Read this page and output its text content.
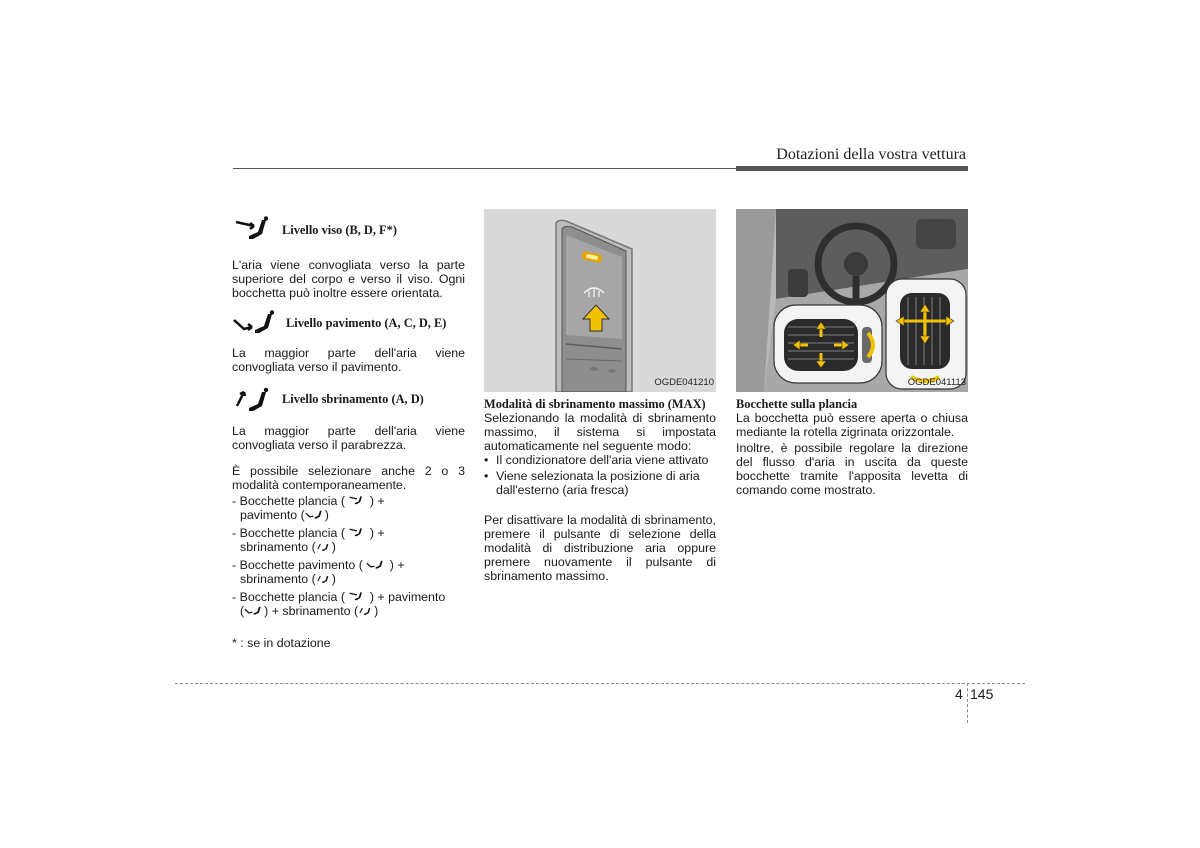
Dotazioni della vostra vettura
Livello viso (B, D, F*)

L'aria viene convogliata verso la parte superiore del corpo e verso il viso. Ogni bocchetta può inoltre essere orientata.

Livello pavimento (A, C, D, E)

La maggior parte dell'aria viene convogliata verso il pavimento.

Livello sbrinamento (A, D)

La maggior parte dell'aria viene convogliata verso il parabrezza.

È possibile selezionare anche 2 o 3 modalità contemporaneamente.

- Bocchette plancia ( ) +
pavimento ( )
- Bocchette plancia ( ) +
sbrinamento ( )
- Bocchette pavimento ( ) +
sbrinamento ( )
- Bocchette plancia ( ) + pavimento
( ) + sbrinamento ( )

* : se in dotazione

OGDE041210

Modalità di sbrinamento massimo (MAX)

Selezionando la modalità di sbrinamento massimo, il sistema si impostata automaticamente nel seguente modo:

• Il condizionatore dell'aria viene attivato
• Viene selezionata la posizione di aria dall'esterno (aria fresca)

Per disattivare la modalità di sbrinamento, premere il pulsante di selezione della modalità di distribuzione aria oppure premere nuovamente il pulsante di sbrinamento massimo.

OGDE041113

Bocchette sulla plancia

La bocchetta può essere aperta o chiusa mediante la rotella zigrinata orizzontale.

Inoltre, è possibile regolare la direzione del flusso d'aria in uscita da queste bocchette tramite l'apposita levetta di comando come mostrato.

4 145
